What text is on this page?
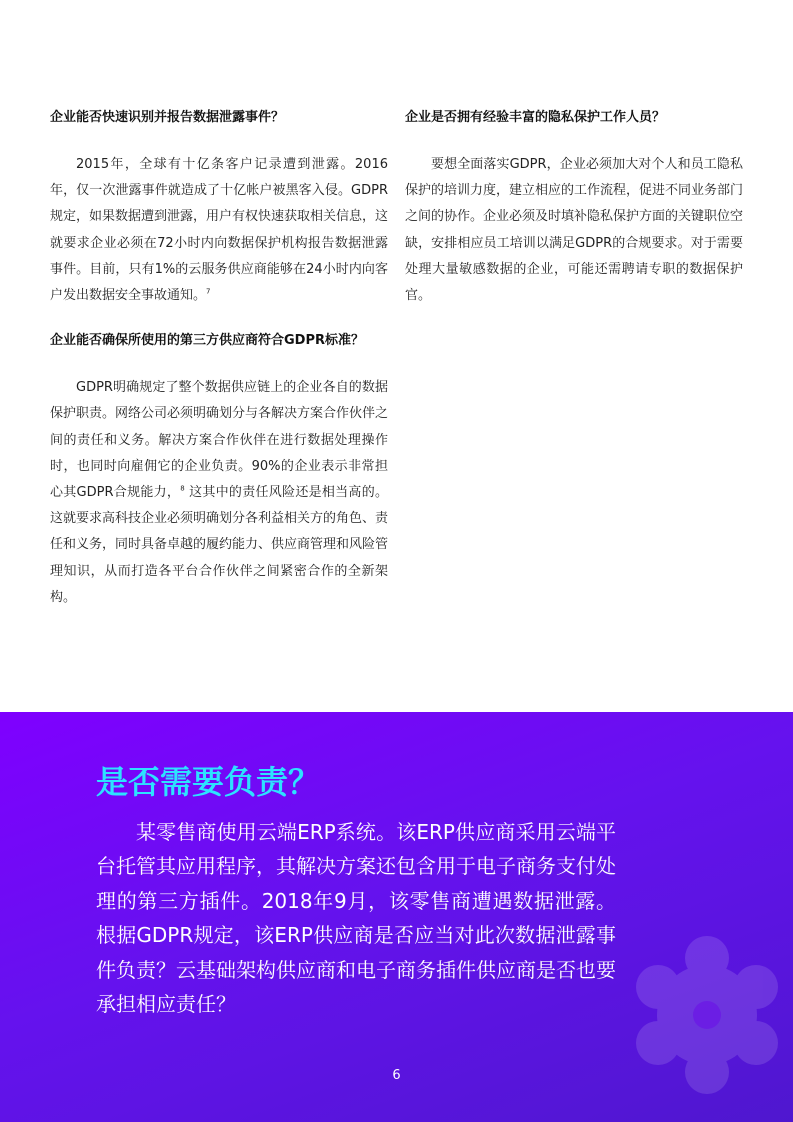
企业能否快速识别并报告数据泄露事件？

2015年，全球有十亿条客户记录遭到泄露。2016年，仅一次泄露事件就造成了十亿帐户被黑客入侵。GDPR规定，如果数据遭到泄露，用户有权快速获取相关信息，这就要求企业必须在72小时内向数据保护机构报告数据泄露事件。目前，只有1%的云服务供应商能够在24小时内向客户发出数据安全事故通知。$^7$

企业能否确保所使用的第三方供应商符合GDPR标准？

GDPR明确规定了整个数据供应链上的企业各自的数据保护职责。网络公司必须明确划分与各解决方案合作伙伴之间的责任和义务。解决方案合作伙伴在进行数据处理操作时，也同时向雇佣它的企业负责。90%的企业表示非常担心其GDPR合规能力，$^8$ 这其中的责任风险还是相当高的。这就要求高科技企业必须明确划分各利益相关方的角色、责任和义务，同时具备卓越的履约能力、供应商管理和风险管理知识，从而打造各平台合作伙伴之间紧密合作的全新架构。

企业是否拥有经验丰富的隐私保护工作人员？

要想全面落实GDPR，企业必须加大对个人和员工隐私保护的培训力度，建立相应的工作流程，促进不同业务部门之间的协作。企业必须及时填补隐私保护方面的关键职位空缺，安排相应员工培训以满足GDPR的合规要求。对于需要处理大量敏感数据的企业，可能还需聘请专职的数据保护官。

是否需要负责？

某零售商使用云端ERP系统。该ERP供应商采用云端平台托管其应用程序，其解决方案还包含用于电子商务支付处理的第三方插件。2018年9月，该零售商遭遇数据泄露。根据GDPR规定，该ERP供应商是否应当对此次数据泄露事件负责？云基础架构供应商和电子商务插件供应商是否也要承担相应责任？

6
